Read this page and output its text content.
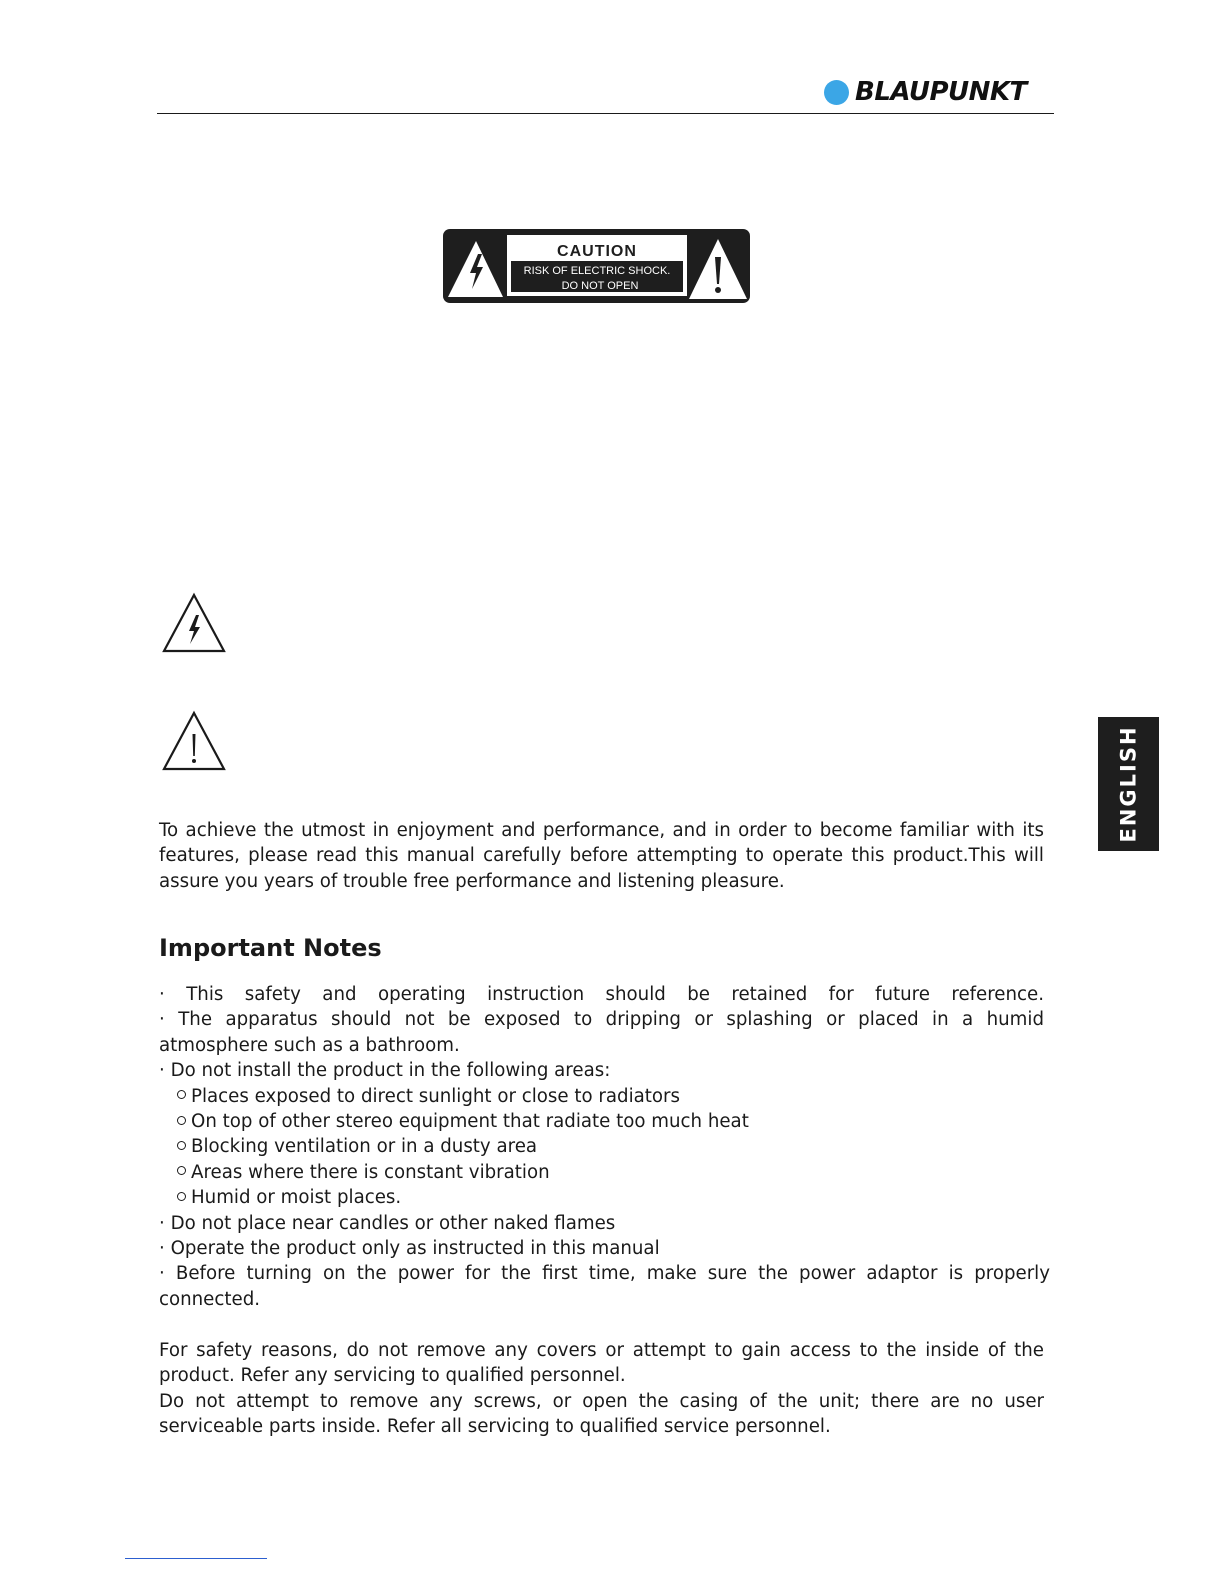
BLAUPUNKT
CAUTION
RISK OF ELECTRIC SHOCK.
DO NOT OPEN
ENGLISH
To achieve the utmost in enjoyment and performance, and in order to become familiar with its
features, please read this manual carefully before attempting to operate this product.This will
assure you years of trouble free performance and listening pleasure.
Important Notes
· This safety and operating instruction should be retained for future reference.
· The apparatus should not be exposed to dripping or splashing or placed in a humid
atmosphere such as a bathroom.
· Do not install the product in the following areas:
Places exposed to direct sunlight or close to radiators
On top of other stereo equipment that radiate too much heat
Blocking ventilation or in a dusty area
Areas where there is constant vibration
Humid or moist places.
· Do not place near candles or other naked flames
· Operate the product only as instructed in this manual
· Before turning on the power for the first time, make sure the power adaptor is properly
connected.
For safety reasons, do not remove any covers or attempt to gain access to the inside of the
product. Refer any servicing to qualified personnel.
Do not attempt to remove any screws, or open the casing of the unit; there are no user
serviceable parts inside. Refer all servicing to qualified service personnel.
